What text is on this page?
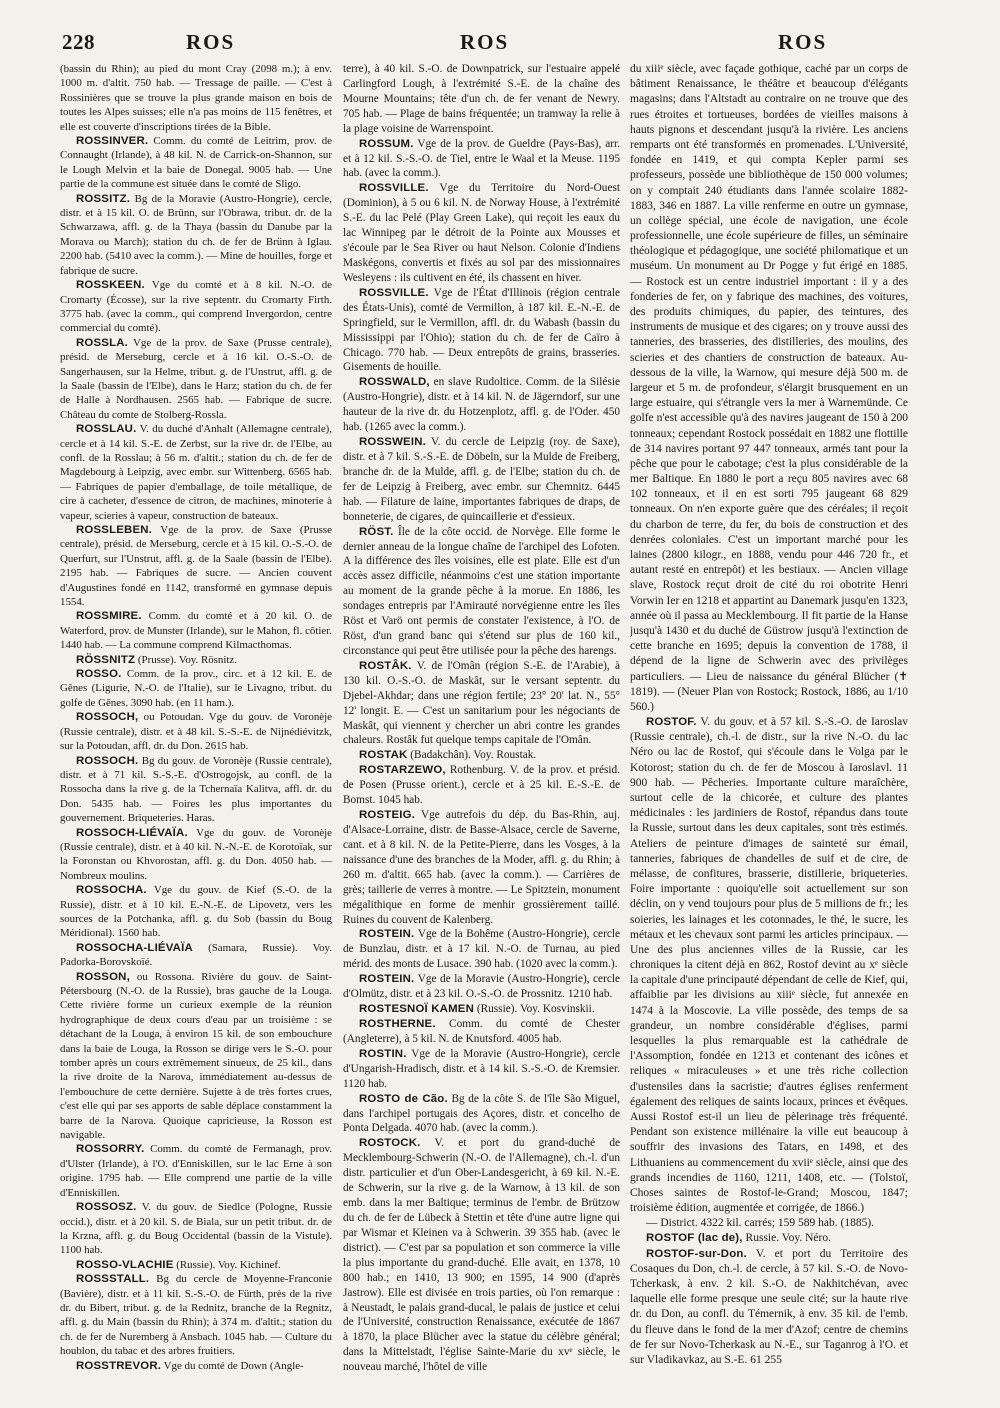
228	ROS	ROS	ROS

(bassin du Rhin); au pied du mont Cray (2098 m.); à env. 1000 m. d'altit. 750 hab. — Tressage de paille. — C'est à Rossinières que se trouve la plus grande maison en bois de toutes les Alpes suisses; elle n'a pas moins de 115 fenêtres, et elle est couverte d'inscriptions tirées de la Bible.

ROSSINVER. Comm. du comté de Leitrim, prov. de Connaught (Irlande), à 48 kil. N. de Carrick-on-Shannon, sur le Lough Melvin et la baie de Donegal. 9005 hab. — Une partie de la commune est située dans le comté de Sligo.

ROSSITZ. Bg de la Moravie (Austro-Hongrie), cercle, distr. et à 15 kil. O. de Brünn, sur l'Obrawa, tribut. dr. de la Schwarzawa, affl. g. de la Thaya (bassin du Danube par la Morava ou March); station du ch. de fer de Brünn à Iglau. 2200 hab. (5410 avec la comm.). — Mine de houilles, forge et fabrique de sucre.

ROSSKEEN. Vge du comté et à 8 kil. N.-O. de Cromarty (Écosse), sur la rive septentr. du Cromarty Firth. 3775 hab. (avec la comm., qui comprend Invergordon, centre commercial du comté).

ROSSLA. Vge de la prov. de Saxe (Prusse centrale), présid. de Merseburg, cercle et à 16 kil. O.-S.-O. de Sangerhausen, sur la Helme, tribut. g. de l'Unstrut, affl. g. de la Saale (bassin de l'Elbe), dans le Harz; station du ch. de fer de Halle à Nordhausen. 2565 hab. — Fabrique de sucre. Château du comte de Stolberg-Rossla.

ROSSLAU. V. du duché d'Anhalt (Allemagne centrale), cercle et à 14 kil. S.-E. de Zerbst, sur la rive dr. de l'Elbe, au confl. de la Rosslau; à 56 m. d'altit.; station du ch. de fer de Magdebourg à Leipzig, avec embr. sur Wittenberg. 6565 hab. — Fabriques de papier d'emballage, de toile métallique, de cire à cacheter, d'essence de citron, de machines, minoterie à vapeur, scieries à vapeur, construction de bateaux.

ROSSLEBEN. Vge de la prov. de Saxe (Prusse centrale), présid. de Merseburg, cercle et à 15 kil. O.-S.-O. de Querfurt, sur l'Unstrut, affl. g. de la Saale (bassin de l'Elbe). 2195 hab. — Fabriques de sucre. — Ancien couvent d'Augustines fondé en 1142, transformé en gymnase depuis 1554.

ROSSMIRE. Comm. du comté et à 20 kil. O. de Waterford, prov. de Munster (Irlande), sur le Mahon, fl. côtier. 1440 hab. — La commune comprend Kilmacthomas.

RÖSSNITZ (Prusse). Voy. Rösnitz.

ROSSO. Comm. de la prov., circ. et à 12 kil. E. de Gênes (Ligurie, N.-O. de l'Italie), sur le Livagno, tribut. du golfe de Gênes. 3090 hab. (en 11 ham.).

ROSSOCH, ou Potoudan. Vge du gouv. de Voronèje (Russie centrale), distr. et à 48 kil. S.-S.-E. de Nijnédiévitzk, sur la Potoudan, affl. dr. du Don. 2615 hab.

ROSSOCH. Bg du gouv. de Voronèje (Russie centrale), distr. et à 71 kil. S.-S.-E. d'Ostrogojsk, au confl. de la Rossocha dans la rive g. de la Tchernaïa Kalitva, affl. dr. du Don. 5435 hab. — Foires les plus importantes du gouvernement. Briqueteries. Haras.

ROSSOCH-LIÉVAÏA. Vge du gouv. de Voronèje (Russie centrale), distr. et à 40 kil. N.-N.-E. de Korotoïak, sur la Foronstan ou Khvorostan, affl. g. du Don. 4050 hab. — Nombreux moulins.

ROSSOCHA. Vge du gouv. de Kief (S.-O. de la Russie), distr. et à 10 kil. E.-N.-E. de Lipovetz, vers les sources de la Potchanka, affl. g. du Sob (bassin du Boug Méridional). 1560 hab.

ROSSOCHA-LIÉVAÏA (Samara, Russie). Voy. Padorka-Borovskoïé.

ROSSON, ou Rossona. Rivière du gouv. de Saint-Pétersbourg (N.-O. de la Russie), bras gauche de la Louga. Cette rivière forme un curieux exemple de la réunion hydrographique de deux cours d'eau par un troisième : se détachant de la Louga, à environ 15 kil. de son embouchure dans la baie de Louga, la Rosson se dirige vers le S.-O. pour tomber après un cours extrêmement sinueux, de 25 kil., dans la rive droite de la Narova, immédiatement au-dessus de l'embouchure de cette dernière. Sujette à de très fortes crues, c'est elle qui par ses apports de sable déplace constamment la barre de la Narova. Quoique capricieuse, la Rosson est navigable.

ROSSORRY. Comm. du comté de Fermanagh, prov. d'Ulster (Irlande), à l'O. d'Enniskillen, sur le lac Erne à son origine. 1795 hab. — Elle comprend une partie de la ville d'Enniskillen.

ROSSOSZ. V. du gouv. de Siedlce (Pologne, Russie occid.), distr. et à 20 kil. S. de Biala, sur un petit tribut. dr. de la Krzna, affl. g. du Boug Occidental (bassin de la Vistule). 1100 hab.

ROSSO-VLACHIE (Russie). Voy. Kichinef.

ROSSSTALL. Bg du cercle de Moyenne-Franconie (Bavière), distr. et à 11 kil. S.-S.-O. de Fürth, près de la rive dr. du Bibert, tribut. g. de la Rednitz, branche de la Regnitz, affl. g. du Main (bassin du Rhin); à 374 m. d'altit.; station du ch. de fer de Nuremberg à Ansbach. 1045 hab. — Culture du houblon, du tabac et des arbres fruitiers.

ROSSTREVOR. Vge du comté de Down (Angle-

terre), à 40 kil. S.-O. de Downpatrick, sur l'estuaire appelé Carlingford Lough, à l'extrémité S.-E. de la chaîne des Mourne Mountains; tête d'un ch. de fer venant de Newry. 705 hab. — Plage de bains fréquentée; un tramway la relie à la plage voisine de Warrenspoint.

ROSSUM. Vge de la prov. de Gueldre (Pays-Bas), arr. et à 12 kil. S.-S.-O. de Tiel, entre le Waal et la Meuse. 1195 hab. (avec la comm.).

ROSSVILLE. Vge du Territoire du Nord-Ouest (Dominion), à 5 ou 6 kil. N. de Norway House, à l'extrémité S.-E. du lac Pelé (Play Green Lake), qui reçoit les eaux du lac Winnipeg par le détroit de la Pointe aux Mousses et s'écoule par le Sea River ou haut Nelson. Colonie d'Indiens Maskégons, convertis et fixés au sol par des missionnaires Wesleyens : ils cultivent en été, ils chassent en hiver.

ROSSVILLE. Vge de l'État d'Illinois (région centrale des États-Unis), comté de Vermillon, à 187 kil. E.-N.-E. de Springfield, sur le Vermillon, affl. dr. du Wabash (bassin du Mississippi par l'Ohio); station du ch. de fer de Caïro à Chicago. 770 hab. — Deux entrepôts de grains, brasseries. Gisements de houille.

ROSSWALD, en slave Rudoltice. Comm. de la Silésie (Austro-Hongrie), distr. et à 14 kil. N. de Jägerndorf, sur une hauteur de la rive dr. du Hotzenplotz, affl. g. de l'Oder. 450 hab. (1265 avec la comm.).

ROSSWEIN. V. du cercle de Leipzig (roy. de Saxe), distr. et à 7 kil. S.-S.-E. de Döbeln, sur la Mulde de Freiberg, branche dr. de la Mulde, affl. g. de l'Elbe; station du ch. de fer de Leipzig à Freiberg, avec embr. sur Chemnitz. 6445 hab. — Filature de laine, importantes fabriques de draps, de bonneterie, de cigares, de quincaillerie et d'essieux.

RÖST. Île de la côte occid. de Norvège. Elle forme le dernier anneau de la longue chaîne de l'archipel des Lofoten. A la différence des îles voisines, elle est plate. Elle est d'un accès assez difficile, néanmoins c'est une station importante au moment de la grande pêche à la morue. En 1886, les sondages entrepris par l'Amirauté norvégienne entre les îles Röst et Varö ont permis de constater l'existence, à l'O. de Röst, d'un grand banc qui s'étend sur plus de 160 kil., circonstance qui peut être utilisée pour la pêche des harengs.

ROSTÂK. V. de l'Omân (région S.-E. de l'Arabie), à 130 kil. O.-S.-O. de Maskât, sur le versant septentr. du Djebel-Akhdar; dans une région fertile; 23° 20' lat. N., 55° 12' longit. E. — C'est un sanitarium pour les négociants de Maskât, qui viennent y chercher un abri contre les grandes chaleurs. Rostâk fut quelque temps capitale de l'Omân.

ROSTAK (Badakchân). Voy. Roustak.

ROSTARZEWO, Rothenburg. V. de la prov. et présid. de Posen (Prusse orient.), cercle et à 25 kil. E.-S.-E. de Bomst. 1045 hab.

ROSTEIG. Vge autrefois du dép. du Bas-Rhin, auj. d'Alsace-Lorraine, distr. de Basse-Alsace, cercle de Saverne, cant. et à 8 kil. N. de la Petite-Pierre, dans les Vosges, à la naissance d'une des branches de la Moder, affl. g. du Rhin; à 260 m. d'altit. 665 hab. (avec la comm.). — Carrières de grès; taillerie de verres à montre. — Le Spitztein, monument mégalithique en forme de menhir grossièrement taillé. Ruines du couvent de Kalenberg.

ROSTEIN. Vge de la Bohême (Austro-Hongrie), cercle de Bunzlau, distr. et à 17 kil. N.-O. de Turnau, au pied mérid. des monts de Lusace. 390 hab. (1020 avec la comm.).

ROSTEIN. Vge de la Moravie (Austro-Hongrie), cercle d'Olmütz, distr. et à 23 kil. O.-S.-O. de Prossnitz. 1210 hab.

ROSTESNOÏ KAMEN (Russie). Voy. Kosvinskii.

ROSTHERNE. Comm. du comté de Chester (Angleterre), à 5 kil. N. de Knutsford. 4005 hab.

ROSTIN. Vge de la Moravie (Austro-Hongrie), cercle d'Ungarish-Hradisch, distr. et à 14 kil. S.-S.-O. de Kremsier. 1120 hab.

ROSTO de Cão. Bg de la côte S. de l'île São Miguel, dans l'archipel portugais des Açores, distr. et concelho de Ponta Delgada. 4070 hab. (avec la comm.).

ROSTOCK. V. et port du grand-duché de Mecklembourg-Schwerin (N.-O. de l'Allemagne), ch.-l. d'un distr. particulier et d'un Ober-Landesgericht, à 69 kil. N.-E. de Schwerin, sur la rive g. de la Warnow, à 13 kil. de son emb. dans la mer Baltique; terminus de l'embr. de Brützow du ch. de fer de Lübeck à Stettin et tête d'une autre ligne qui par Wismar et Kleinen va à Schwerin. 39 355 hab. (avec le district). — C'est par sa population et son commerce la ville la plus importante du grand-duché. Elle avait, en 1378, 10 800 hab.; en 1410, 13 900; en 1595, 14 900 (d'après Jastrow). Elle est divisée en trois parties, où l'on remarque : à Neustadt, le palais grand-ducal, le palais de justice et celui de l'Université, construction Renaissance, exécutée de 1867 à 1870, la place Blücher avec la statue du célèbre général; dans la Mittelstadt, l'église Sainte-Marie du xvᵉ siècle, le nouveau marché, l'hôtel de ville

du xiiiᵉ siècle, avec façade gothique, caché par un corps de bâtiment Renaissance, le théâtre et beaucoup d'élégants magasins; dans l'Altstadt au contraire on ne trouve que des rues étroites et tortueuses, bordées de vieilles maisons à hauts pignons et descendant jusqu'à la rivière. Les anciens remparts ont été transformés en promenades. L'Université, fondée en 1419, et qui compta Kepler parmi ses professeurs, possède une bibliothèque de 150 000 volumes; on y comptait 240 étudiants dans l'année scolaire 1882-1883, 346 en 1887. La ville renferme en outre un gymnase, un collège spécial, une école de navigation, une école professionnelle, une école supérieure de filles, un séminaire théologique et pédagogique, une société philomatique et un muséum. Un monument au Dr Pogge y fut érigé en 1885. — Rostock est un centre industriel important : il y a des fonderies de fer, on y fabrique des machines, des voitures, des produits chimiques, du papier, des teintures, des instruments de musique et des cigares; on y trouve aussi des tanneries, des brasseries, des distilleries, des moulins, des scieries et des chantiers de construction de bateaux. Au-dessous de la ville, la Warnow, qui mesure déjà 500 m. de largeur et 5 m. de profondeur, s'élargit brusquement en un large estuaire, qui s'étrangle vers la mer à Warnemünde. Ce golfe n'est accessible qu'à des navires jaugeant de 150 à 200 tonneaux; cependant Rostock possédait en 1882 une flottille de 314 navires portant 97 447 tonneaux, armés tant pour la pêche que pour le cabotage; c'est la plus considérable de la mer Baltique. En 1880 le port a reçu 805 navires avec 68 102 tonneaux, et il en est sorti 795 jaugeant 68 829 tonneaux. On n'en exporte guère que des céréales; il reçoit du charbon de terre, du fer, du bois de construction et des denrées coloniales. C'est un important marché pour les laines (2800 kilogr., en 1888, vendu pour 446 720 fr., et autant resté en entrepôt) et les bestiaux. — Ancien village slave, Rostock reçut droit de cité du roi obotrite Henri Vorwin Ier en 1218 et appartint au Danemark jusqu'en 1323, année où il passa au Mecklembourg. Il fit partie de la Hanse jusqu'à 1430 et du duché de Güstrow jusqu'à l'extinction de cette branche en 1695; depuis la convention de 1788, il dépend de la ligne de Schwerin avec des privilèges particuliers. — Lieu de naissance du général Blücher (✝ 1819). — (Neuer Plan von Rostock; Rostock, 1886, au 1/10 560.)

ROSTOF. V. du gouv. et à 57 kil. S.-S.-O. de Iaroslav (Russie centrale), ch.-l. de distr., sur la rive N.-O. du lac Néro ou lac de Rostof, qui s'écoule dans le Volga par le Kotorost; station du ch. de fer de Moscou à Iaroslavl. 11 900 hab. — Pêcheries. Importante culture maraîchère, surtout celle de la chicorée, et culture des plantes médicinales : les jardiniers de Rostof, répandus dans toute la Russie, surtout dans les deux capitales, sont très estimés. Ateliers de peinture d'images de sainteté sur émail, tanneries, fabriques de chandelles de suif et de cire, de mélasse, de confitures, brasserie, distillerie, briqueteries. Foire importante : quoiqu'elle soit actuellement sur son déclin, on y vend toujours pour plus de 5 millions de fr.; les soieries, les lainages et les cotonnades, le thé, le sucre, les métaux et les chevaux sont parmi les articles principaux. — Une des plus anciennes villes de la Russie, car les chroniques la citent déjà en 862, Rostof devint au xᵉ siècle la capitale d'une principauté dépendant de celle de Kief, qui, affaiblie par les divisions au xiiiᵉ siècle, fut annexée en 1474 à la Moscovie. La ville possède, des temps de sa grandeur, un nombre considérable d'églises, parmi lesquelles la plus remarquable est la cathédrale de l'Assomption, fondée en 1213 et contenant des icônes et reliques « miraculeuses » et une très riche collection d'ustensiles dans la sacristie; d'autres églises renferment également des reliques de saints locaux, princes et évêques. Aussi Rostof est-il un lieu de pèlerinage très fréquenté. Pendant son existence millénaire la ville eut beaucoup à souffrir des invasions des Tatars, en 1498, et des Lithuaniens au commencement du xviiᵉ siècle, ainsi que des grands incendies de 1160, 1211, 1408, etc. — (Tolstoï, Choses saintes de Rostof-le-Grand; Moscou, 1847; troisième édition, augmentée et corrigée, de 1866.)

— District. 4322 kil. carrés; 159 589 hab. (1885).

ROSTOF (lac de), Russie. Voy. Néro.

ROSTOF-sur-Don. V. et port du Territoire des Cosaques du Don, ch.-l. de cercle, à 57 kil. S.-O. de Novo-Tcherkask, à env. 2 kil. S.-O. de Nakhitchévan, avec laquelle elle forme presque une seule cité; sur la haute rive dr. du Don, au confl. du Témernik, à env. 35 kil. de l'emb. du fleuve dans le fond de la mer d'Azof; centre de chemins de fer sur Novo-Tcherkask au N.-E., sur Taganrog à l'O. et sur Vladikavkaz, au S.-E. 61 255
